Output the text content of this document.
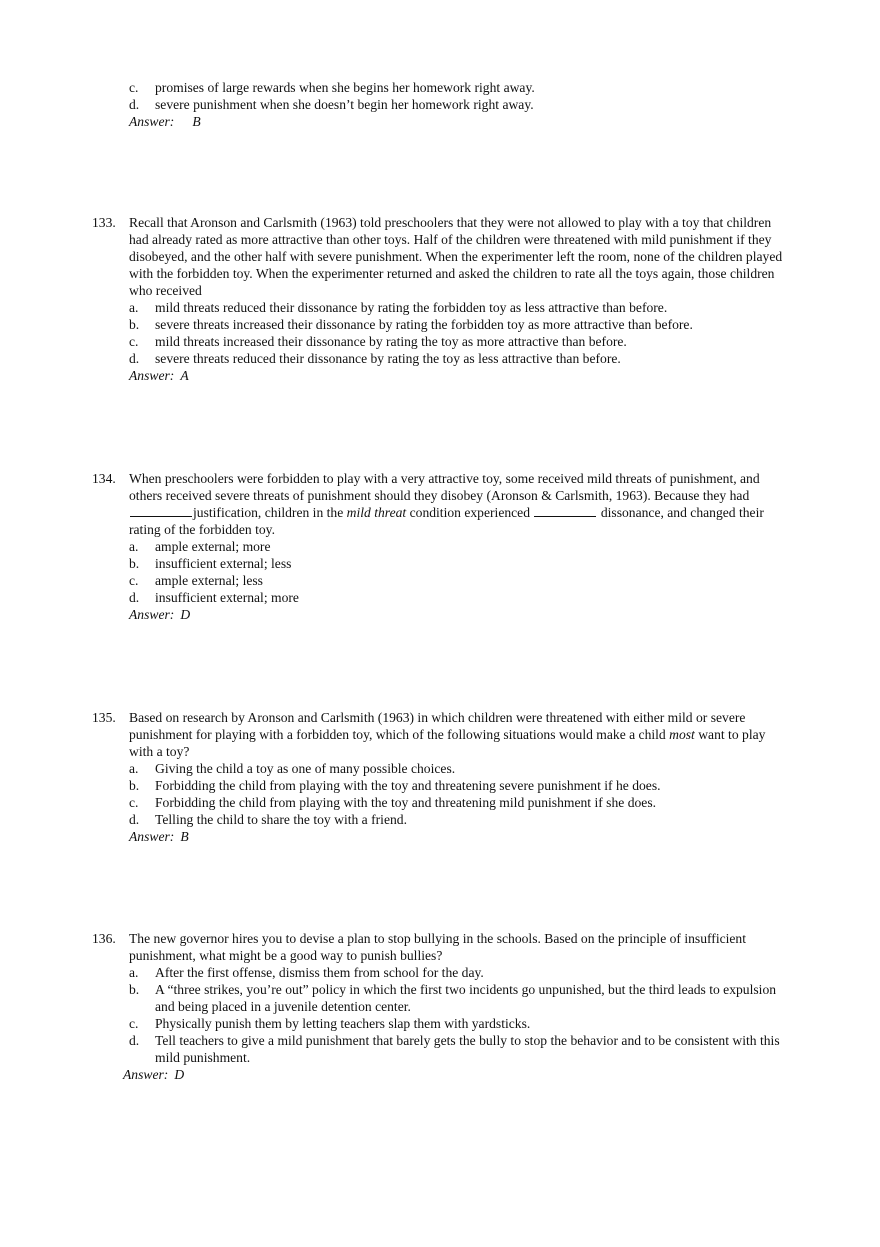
c. promises of large rewards when she begins her homework right away.
d. severe punishment when she doesn’t begin her homework right away.
Answer: B
133. Recall that Aronson and Carlsmith (1963) told preschoolers that they were not allowed to play with a toy that children had already rated as more attractive than other toys. Half of the children were threatened with mild punishment if they disobeyed, and the other half with severe punishment. When the experimenter left the room, none of the children played with the forbidden toy. When the experimenter returned and asked the children to rate all the toys again, those children who received
a. mild threats reduced their dissonance by rating the forbidden toy as less attractive than before.
b. severe threats increased their dissonance by rating the forbidden toy as more attractive than before.
c. mild threats increased their dissonance by rating the toy as more attractive than before.
d. severe threats reduced their dissonance by rating the toy as less attractive than before.
Answer: A
134. When preschoolers were forbidden to play with a very attractive toy, some received mild threats of punishment, and others received severe threats of punishment should they disobey (Aronson & Carlsmith, 1963). Because they had justification, children in the mild threat condition experienced	dissonance, and changed their rating of the forbidden toy.
a. ample external; more
b. insufficient external; less
c. ample external; less
d. insufficient external; more
Answer: D
135. Based on research by Aronson and Carlsmith (1963) in which children were threatened with either mild or severe punishment for playing with a forbidden toy, which of the following situations would make a child most want to play with a toy?
a. Giving the child a toy as one of many possible choices.
b. Forbidding the child from playing with the toy and threatening severe punishment if he does.
c. Forbidding the child from playing with the toy and threatening mild punishment if she does.
d. Telling the child to share the toy with a friend.
Answer: B
136. The new governor hires you to devise a plan to stop bullying in the schools. Based on the principle of insufficient punishment, what might be a good way to punish bullies?
a. After the first offense, dismiss them from school for the day.
b. A “three strikes, you’re out” policy in which the first two incidents go unpunished, but the third leads to expulsion and being placed in a juvenile detention center.
c. Physically punish them by letting teachers slap them with yardsticks.
d. Tell teachers to give a mild punishment that barely gets the bully to stop the behavior and to be consistent with this mild punishment.
Answer: D
